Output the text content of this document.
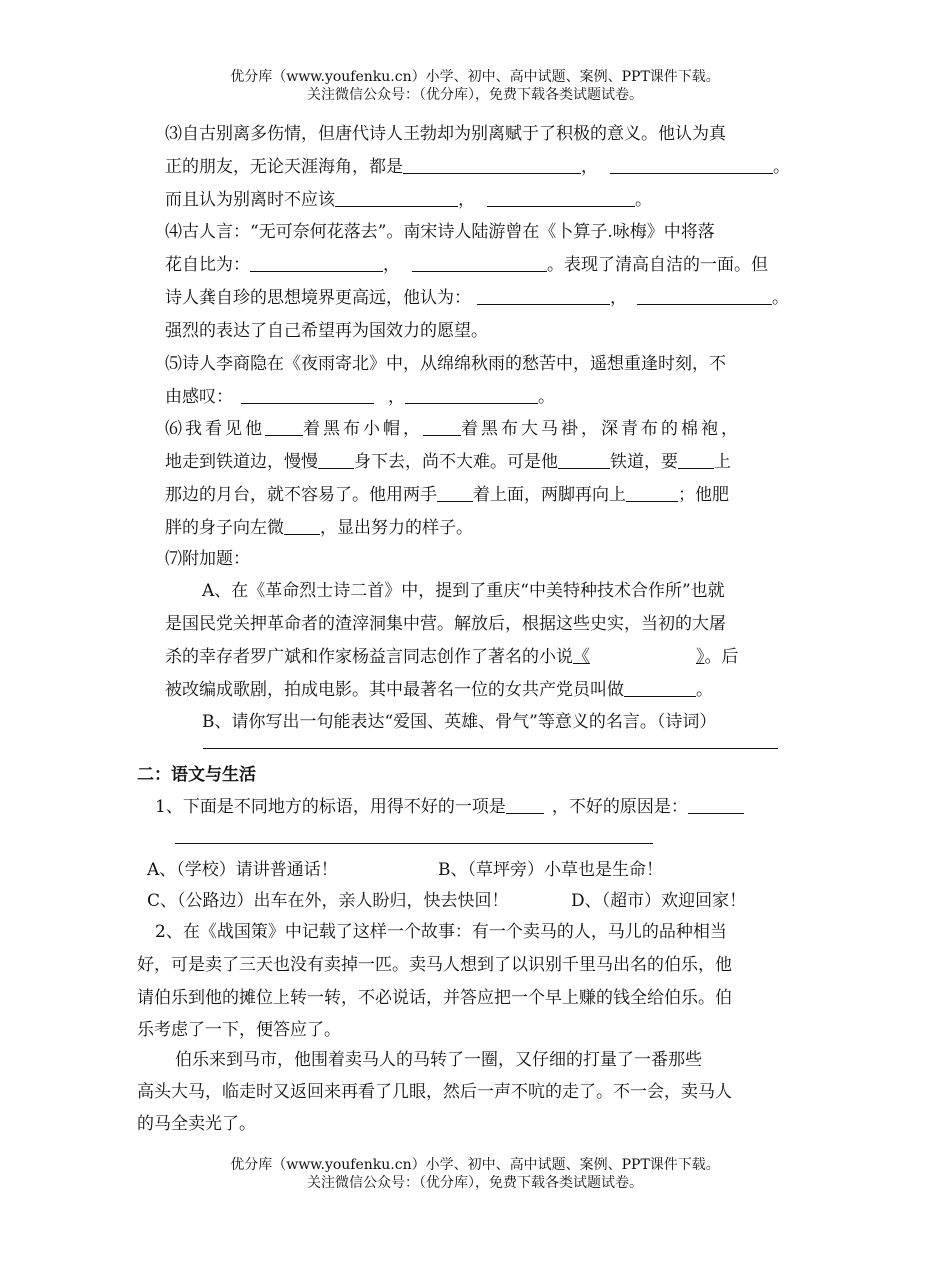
优分库（www.youfenku.cn）小学、初中、高中试题、案例、PPT课件下载。
关注微信公众号：（优分库），免费下载各类试题试卷。
⑶自古别离多伤情，但唐代诗人王勃却为别离赋于了积极的意义。他认为真
正的朋友，无论天涯海角，都是	，	。
而且认为别离时不应该	，	。
⑷古人言：“无可奈何花落去”。南宋诗人陆游曾在《卜算子.咏梅》中将落
花自比为：	，	。表现了清高自洁的一面。但
诗人龚自珍的思想境界更高远，他认为：	，	。
强烈的表达了自己希望再为国效力的愿望。
⑸诗人李商隐在《夜雨寄北》中，从绵绵秋雨的愁苦中，遥想重逢时刻，不
由感叹：	，	。
⑹我看见他 着黑布小帽， 着黑布大马褂，深青布的棉袍，
地走到铁道边，慢慢 身下去，尚不大难。可是他	铁道，要 上
那边的月台，就不容易了。他用两手 着上面，两脚再向上	；他肥
胖的身子向左微 ，显出努力的样子。
⑺附加题：
A、在《革命烈士诗二首》中，提到了重庆“中美特种技术合作所”也就
是国民党关押革命者的渣滓洞集中营。解放后，根据这些史实，当初的大屠
杀的幸存者罗广斌和作家杨益言同志创作了著名的小说《	》。后
被改编成歌剧，拍成电影。其中最著名一位的女共产党员叫做	。
B、请你写出一句能表达“爱国、英雄、骨气”等意义的名言。（诗词）
二：语文与生活
1、下面是不同地方的标语，用得不好的一项是	，不好的原因是：
A、（学校）请讲普通话！	B、（草坪旁）小草也是生命！
C、（公路边）出车在外，亲人盼归，快去快回！	D、（超市）欢迎回家！
2、在《战国策》中记载了这样一个故事：有一个卖马的人，马儿的品种相当
好，可是卖了三天也没有卖掉一匹。卖马人想到了以识别千里马出名的伯乐，他
请伯乐到他的摊位上转一转，不必说话，并答应把一个早上赚的钱全给伯乐。伯
乐考虑了一下，便答应了。
伯乐来到马市，他围着卖马人的马转了一圈，又仔细的打量了一番那些
高头大马，临走时又返回来再看了几眼，然后一声不吭的走了。不一会，卖马人
的马全卖光了。
优分库（www.youfenku.cn）小学、初中、高中试题、案例、PPT课件下载。
关注微信公众号：（优分库），免费下载各类试题试卷。
